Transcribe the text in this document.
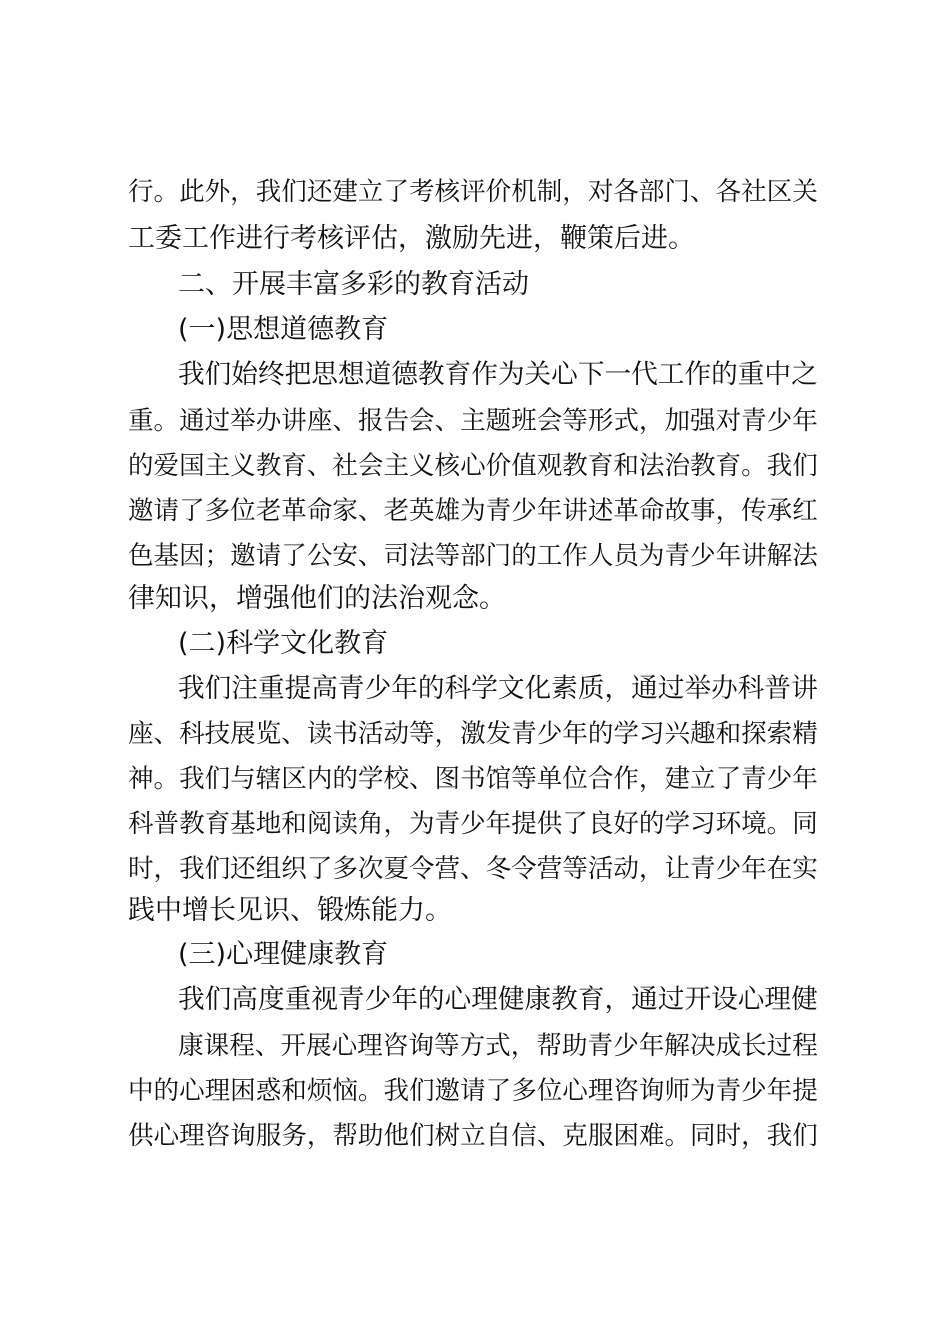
行。此外，我们还建立了考核评价机制，对各部门、各社区关
工委工作进行考核评估，激励先进，鞭策后进。
二、开展丰富多彩的教育活动
(一)思想道德教育
我们始终把思想道德教育作为关心下一代工作的重中之
重。通过举办讲座、报告会、主题班会等形式，加强对青少年
的爱国主义教育、社会主义核心价值观教育和法治教育。我们
邀请了多位老革命家、老英雄为青少年讲述革命故事，传承红
色基因；邀请了公安、司法等部门的工作人员为青少年讲解法
律知识，增强他们的法治观念。
(二)科学文化教育
我们注重提高青少年的科学文化素质，通过举办科普讲
座、科技展览、读书活动等，激发青少年的学习兴趣和探索精
神。我们与辖区内的学校、图书馆等单位合作，建立了青少年
科普教育基地和阅读角，为青少年提供了良好的学习环境。同
时，我们还组织了多次夏令营、冬令营等活动，让青少年在实
践中增长见识、锻炼能力。
(三)心理健康教育
我们高度重视青少年的心理健康教育，通过开设心理健
康课程、开展心理咨询等方式，帮助青少年解决成长过程
中的心理困惑和烦恼。我们邀请了多位心理咨询师为青少年提
供心理咨询服务，帮助他们树立自信、克服困难。同时，我们
